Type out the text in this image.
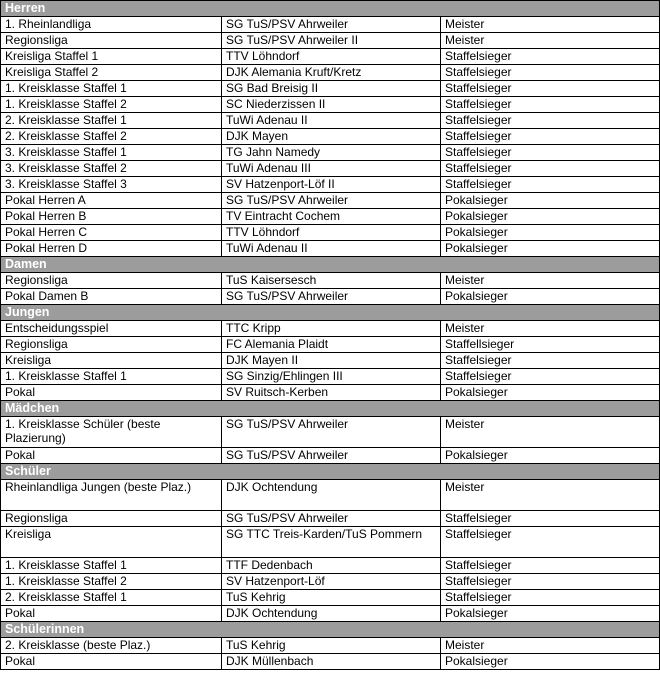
Herren		
1. Rheinlandliga	SG TuS/PSV Ahrweiler	Meister
Regionsliga	SG TuS/PSV Ahrweiler II	Meister
Kreisliga Staffel 1	TTV Löhndorf	Staffelsieger
Kreisliga Staffel 2	DJK Alemania Kruft/Kretz	Staffelsieger
1. Kreisklasse Staffel 1	SG Bad Breisig II	Staffelsieger
1. Kreisklasse Staffel 2	SC Niederzissen II	Staffelsieger
2. Kreisklasse Staffel 1	TuWi Adenau II	Staffelsieger
2. Kreisklasse Staffel 2	DJK Mayen	Staffelsieger
3. Kreisklasse Staffel 1	TG Jahn Namedy	Staffelsieger
3. Kreisklasse Staffel 2	TuWi Adenau III	Staffelsieger
3. Kreisklasse Staffel 3	SV Hatzenport-Löf II	Staffelsieger
Pokal Herren A	SG TuS/PSV Ahrweiler	Pokalsieger
Pokal Herren B	TV Eintracht Cochem	Pokalsieger
Pokal Herren C	TTV Löhndorf	Pokalsieger
Pokal Herren D	TuWi Adenau II	Pokalsieger
Damen		
Regionsliga	TuS Kaisersesch	Meister
Pokal Damen B	SG TuS/PSV Ahrweiler	Pokalsieger
Jungen		
Entscheidungsspiel	TTC Kripp	Meister
Regionsliga	FC Alemania Plaidt	Staffellsieger
Kreisliga	DJK Mayen II	Staffelsieger
1. Kreisklasse Staffel 1	SG Sinzig/Ehlingen III	Staffelsieger
Pokal	SV Ruitsch-Kerben	Pokalsieger
Mädchen		
1. Kreisklasse Schüler (beste Plazierung)	SG TuS/PSV Ahrweiler	Meister
Pokal	SG TuS/PSV Ahrweiler	Pokalsieger
Schüler		
Rheinlandliga Jungen (beste Plaz.)	DJK Ochtendung	Meister
Regionsliga	SG TuS/PSV Ahrweiler	Staffelsieger
Kreisliga	SG TTC Treis-Karden/TuS Pommern	Staffelsieger
1. Kreisklasse Staffel 1	TTF Dedenbach	Staffelsieger
1. Kreisklasse Staffel 2	SV Hatzenport-Löf	Staffelsieger
2. Kreisklasse Staffel 1	TuS Kehrig	Staffelsieger
Pokal	DJK Ochtendung	Pokalsieger
Schülerinnen		
2. Kreisklasse (beste Plaz.)	TuS Kehrig	Meister
Pokal	DJK Müllenbach	Pokalsieger
